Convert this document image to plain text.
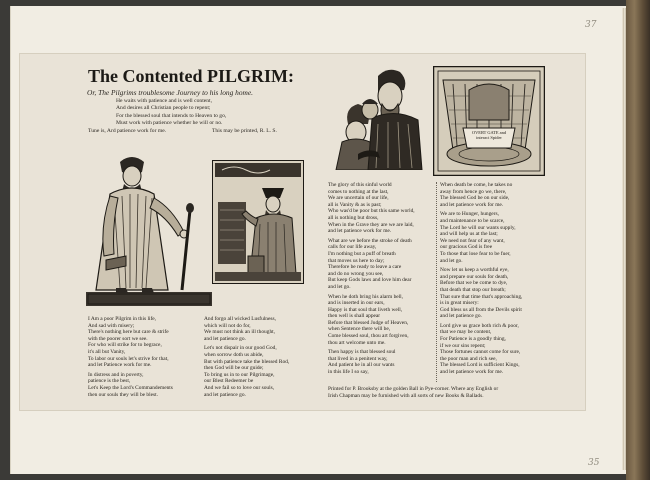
37
35
The Contented PILGRIM:
Or, The Pilgrims troublesome Journey to his long home.
He waits with patience and is well content,
And desires all Christian people to repent;
For the blessed soul that intends to Heaven to go,
Must work with patience whether he will or no.
Tune is, Ard patience work for me.	This may be printed, R. L. S.	OVERT GATE and interact Spider
I Am a poor Pilgrim in this life,
And sad with misery;
There's nothing here but care & strife
with the poorer sort we see.
For who will strike for to begrace,
it's all but Vanity,
To labor our souls let's strive for that,
and let Patience work for me.
In distress and in poverty,
patience is the best,
Let's Keep the Lord's Commandements
then our souls they will be blest.
And forgo all wicked Lusfulness,
which will not do for,
We must not think an ill thought,
and let patience go.
Let's not dispair in our good God,
when sorrow doth us abide,
But with patience take the blessed Rod,
then God will be our guide;
To bring us in to our Pilgrimage,
our Blest Redeemer be
And we fail so to love our souls,
and let patience go.
The glory of this sinful world
comes to nothing at the last,
We are uncertain of our life,
all is Vanity & as is past;
Who was'd be poor but this same world,
all is nothing but dross,
When in the Grave they are we are laid,
and let patience work for me.
What are we before the stroke of death
calls for our life away,
I'm nothing but a puff of breath
that moves us here to day;
Therefore be ready to leave a care
and do no wrong you see,
But keep Gods laws and love him dear
and let go.
When he doth bring his alarm bell,
and is inserted in our ears,
Happy is that soul that liveth well,
then well is shall appear
Before that blessed Judge of Heaven,
when Sentence there will be,
Come blessed soul, thou art forgiven,
thou art welcome unto me.
Then happy is that blessed soul
that lived in a penitent way,
And patient he in all our wants
in this life I so say,
When death be come, he takes no
away from hence go we, there,
The blessed God be on our side,
and let patience work for me.
We are to Hunger, hungers,
and maintenance to be scarce,
The Lord he will our wants supply,
and will help us at the last;
We need not fear of any want,
our gracious God is free
To those that lose fear to be fuer,
and let go.
Now let us keep a worthful eye,
and prepare our souls for death,
Before that we be come to dye,
that death that stop our breath;
That sure that time that's approaching,
is in great misery:
God bless us all from the Devils spirit
and let patience go.
Lord give us grace both rich & poor,
that we may be content,
For Patience is a goodly thing,
if we our sins repent;
Those fortunes cannot come for sure,
the poor man and rich see,
The blessed Lord is sufficient Kings,
and let patience work for me.
Printed for P. Brooksby at the golden Ball in Pye-corner. Where any English or
Irish Chapman may be furnished with all sorts of new Books & Ballads.
